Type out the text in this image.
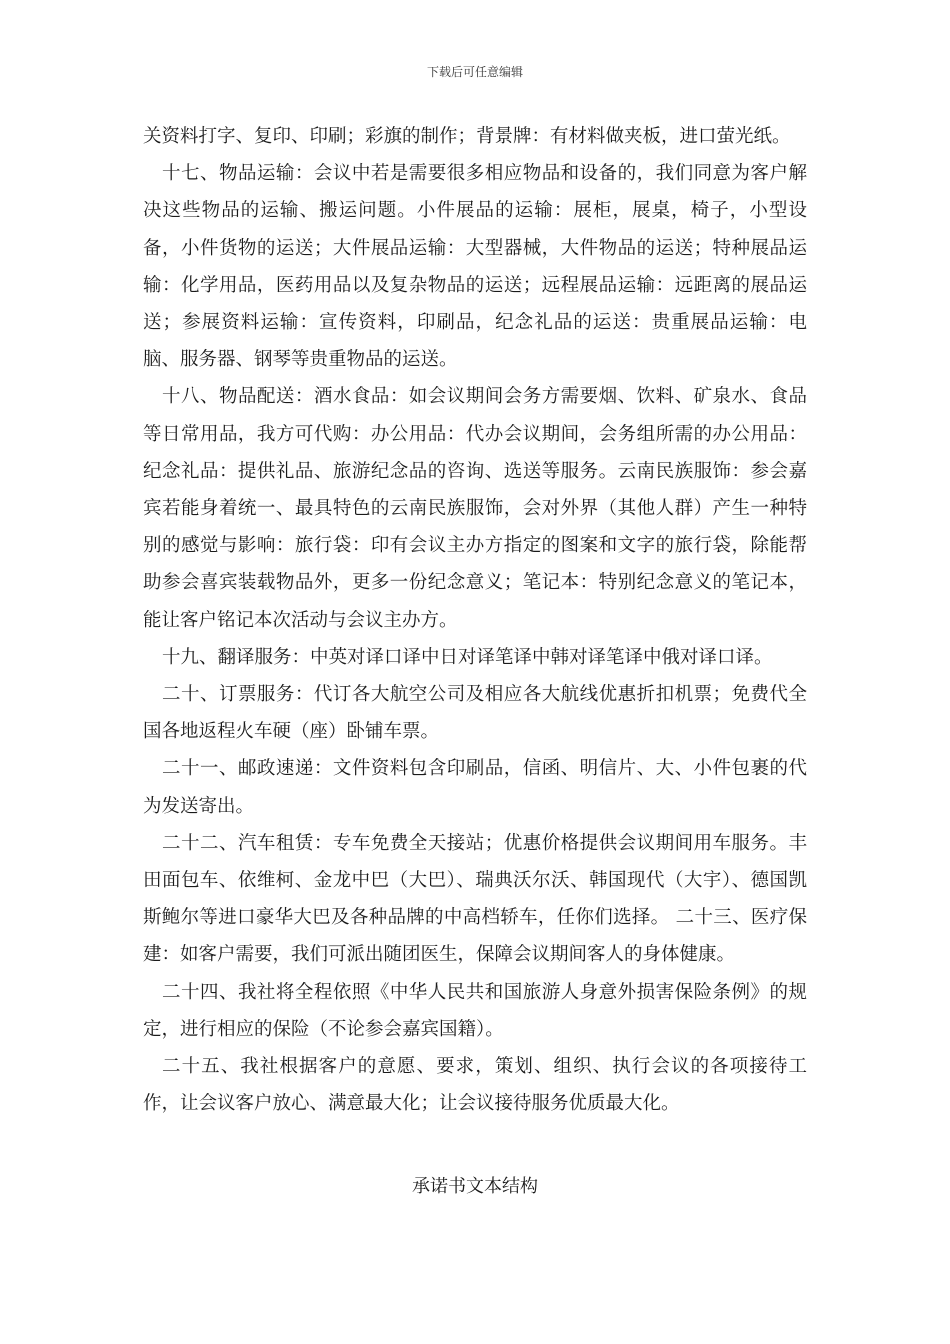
下载后可任意编辑

关资料打字、复印、印刷；彩旗的制作；背景牌：有材料做夹板，进口萤光纸。

十七、物品运输：会议中若是需要很多相应物品和设备的，我们同意为客户解决这些物品的运输、搬运问题。小件展品的运输：展柜，展桌，椅子，小型设备，小件货物的运送；大件展品运输：大型器械，大件物品的运送；特种展品运输：化学用品，医药用品以及复杂物品的运送；远程展品运输：远距离的展品运送；参展资料运输：宣传资料，印刷品，纪念礼品的运送：贵重展品运输：电脑、服务器、钢琴等贵重物品的运送。

十八、物品配送：酒水食品：如会议期间会务方需要烟、饮料、矿泉水、食品等日常用品，我方可代购：办公用品：代办会议期间，会务组所需的办公用品：纪念礼品：提供礼品、旅游纪念品的咨询、选送等服务。云南民族服饰：参会嘉宾若能身着统一、最具特色的云南民族服饰，会对外界（其他人群）产生一种特别的感觉与影响：旅行袋：印有会议主办方指定的图案和文字的旅行袋，除能帮助参会喜宾装载物品外，更多一份纪念意义；笔记本：特别纪念意义的笔记本，能让客户铭记本次活动与会议主办方。

十九、翻译服务：中英对译口译中日对译笔译中韩对译笔译中俄对译口译。

二十、订票服务：代订各大航空公司及相应各大航线优惠折扣机票；免费代全国各地返程火车硬（座）卧铺车票。

二十一、邮政速递：文件资料包含印刷品，信函、明信片、大、小件包裹的代为发送寄出。

二十二、汽车租赁：专车免费全天接站；优惠价格提供会议期间用车服务。丰田面包车、依维柯、金龙中巴（大巴）、瑞典沃尔沃、韩国现代（大宇）、德国凯斯鲍尔等进口豪华大巴及各种品牌的中高档轿车，任你们选择。 二十三、医疗保建：如客户需要，我们可派出随团医生，保障会议期间客人的身体健康。

二十四、我社将全程依照《中华人民共和国旅游人身意外损害保险条例》的规定，进行相应的保险（不论参会嘉宾国籍）。

二十五、我社根据客户的意愿、要求，策划、组织、执行会议的各项接待工作，让会议客户放心、满意最大化；让会议接待服务优质最大化。

承诺书文本结构
